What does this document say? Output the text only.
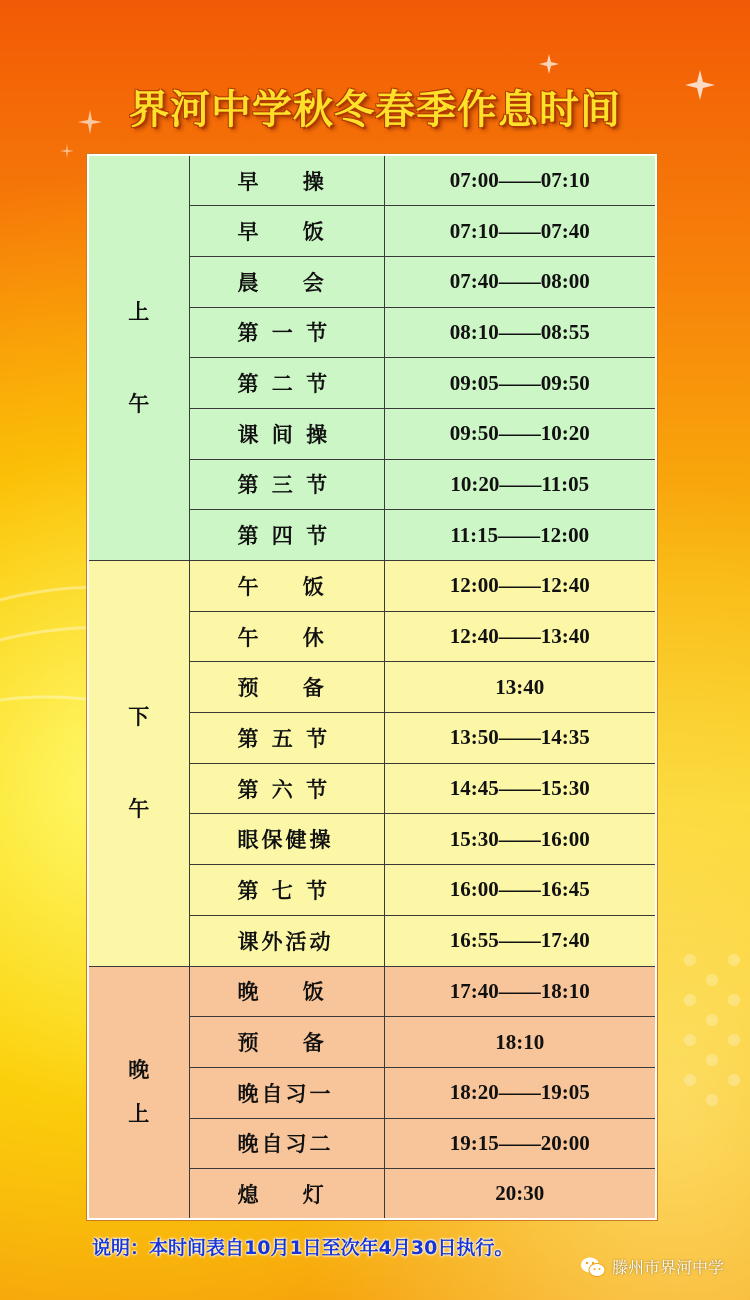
界河中学秋冬春季作息时间
上
午	早    操	07:00——07:10
	早    饭	07:10——07:40
	晨    会	07:40——08:00
	第 一 节	08:10——08:55
	第 二 节	09:05——09:50
	课 间 操	09:50——10:20
	第 三 节	10:20——11:05
	第 四 节	11:15——12:00

下
午	午    饭	12:00——12:40
	午    休	12:40——13:40
	预    备	13:40
	第 五 节	13:50——14:35
	第 六 节	14:45——15:30
	眼保健操	15:30——16:00
	第 七 节	16:00——16:45
	课外活动	16:55——17:40

晚
上	晚    饭	17:40——18:10
	预    备	18:10
	晚自习一	18:20——19:05
	晚自习二	19:15——20:00
	熄    灯	20:30
说明：本时间表自10月1日至次年4月30日执行。
滕州市界河中学
